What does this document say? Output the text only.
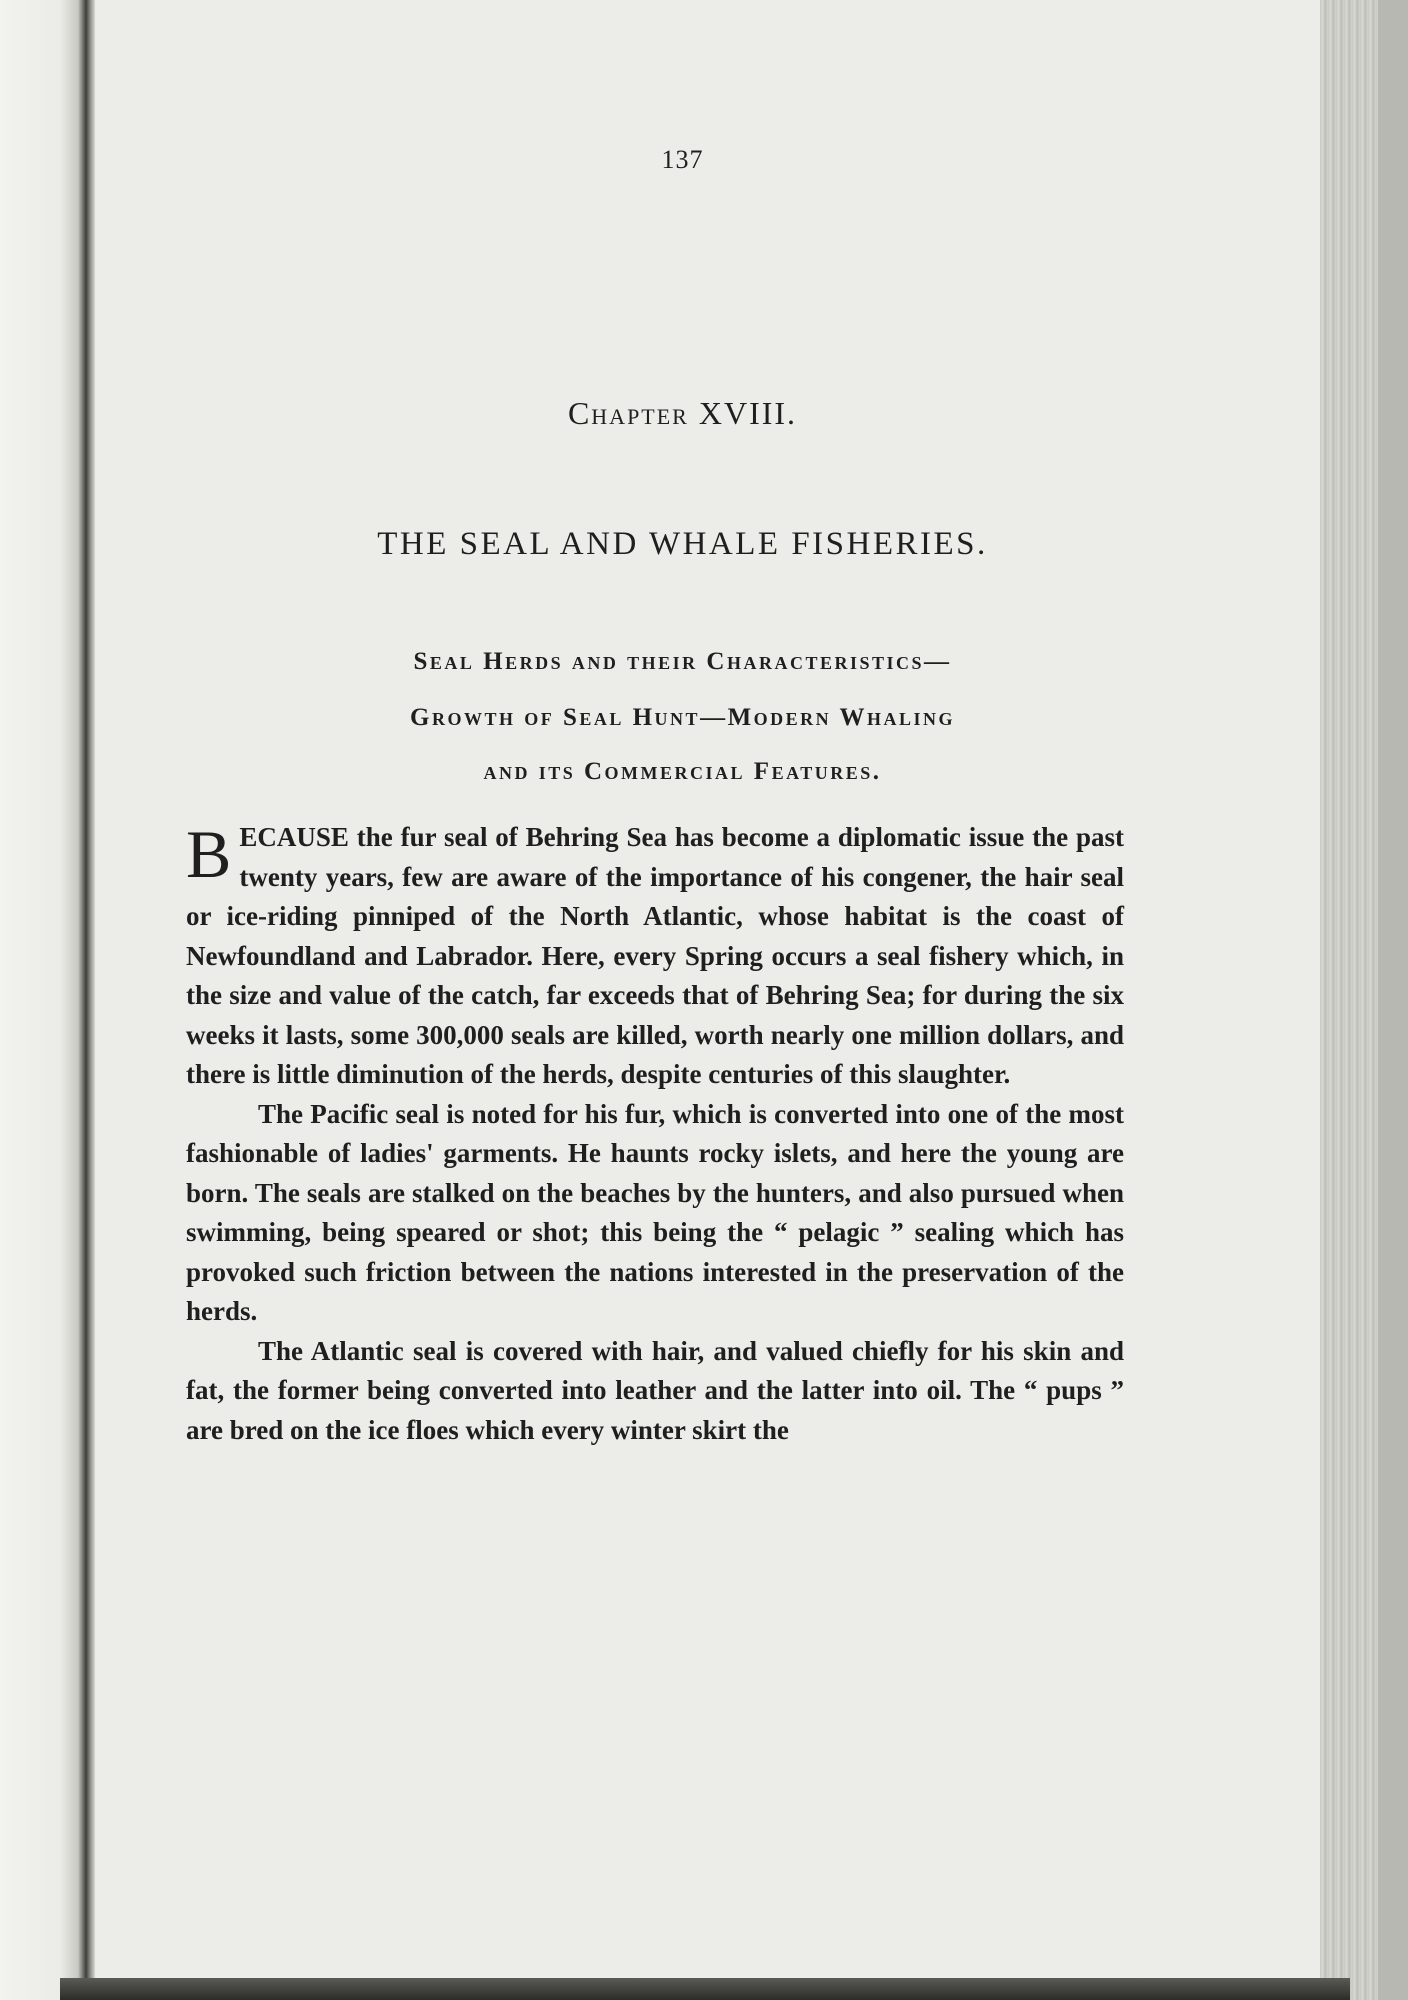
137
Chapter XVIII.
THE SEAL AND WHALE FISHERIES.
Seal Herds and their Characteristics—
Growth of Seal Hunt—Modern Whaling
and its Commercial Features.

BECAUSE the fur seal of Behring Sea has become a diplomatic issue the past twenty years, few are aware of the importance of his congener, the hair seal or ice-riding pinniped of the North Atlantic, whose habitat is the coast of Newfoundland and Labrador. Here, every Spring occurs a seal fishery which, in the size and value of the catch, far exceeds that of Behring Sea; for during the six weeks it lasts, some 300,000 seals are killed, worth nearly one million dollars, and there is little diminution of the herds, despite centuries of this slaughter.

The Pacific seal is noted for his fur, which is converted into one of the most fashionable of ladies' garments. He haunts rocky islets, and here the young are born. The seals are stalked on the beaches by the hunters, and also pursued when swimming, being speared or shot; this being the “ pelagic ” sealing which has provoked such friction between the nations interested in the preservation of the herds.

The Atlantic seal is covered with hair, and valued chiefly for his skin and fat, the former being converted into leather and the latter into oil. The “ pups ” are bred on the ice floes which every winter skirt the
